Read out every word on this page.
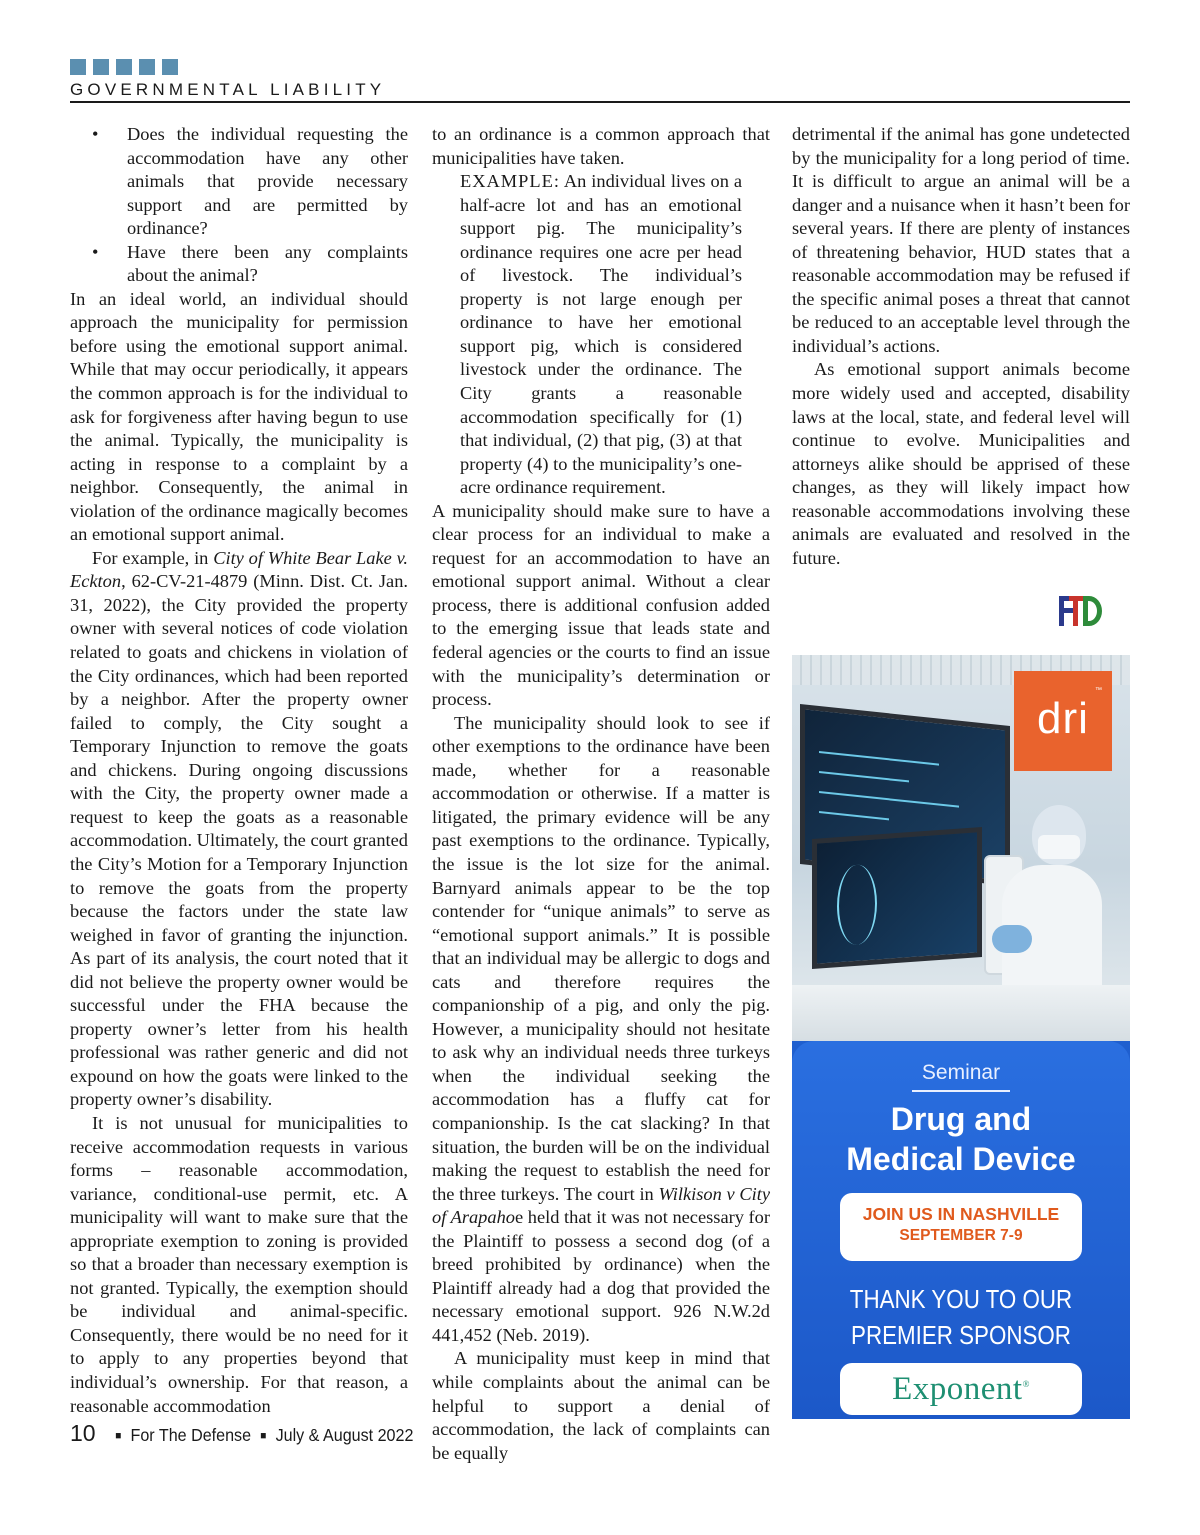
GOVERNMENTAL LIABILITY
• Does the individual requesting the accommodation have any other animals that provide necessary support and are permitted by ordinance?
• Have there been any complaints about the animal?

In an ideal world, an individual should approach the municipality for permission before using the emotional support animal. While that may occur periodically, it appears the common approach is for the individual to ask for forgiveness after having begun to use the animal. Typically, the municipality is acting in response to a complaint by a neighbor. Consequently, the animal in violation of the ordinance magically becomes an emotional support animal.

For example, in City of White Bear Lake v. Eckton, 62-CV-21-4879 (Minn. Dist. Ct. Jan. 31, 2022), the City provided the property owner with several notices of code violation related to goats and chickens in violation of the City ordinances, which had been reported by a neighbor. After the property owner failed to comply, the City sought a Temporary Injunction to remove the goats and chickens. During ongoing discussions with the City, the property owner made a request to keep the goats as a reasonable accommodation. Ultimately, the court granted the City’s Motion for a Temporary Injunction to remove the goats from the property because the factors under the state law weighed in favor of granting the injunction. As part of its analysis, the court noted that it did not believe the property owner would be successful under the FHA because the property owner’s letter from his health professional was rather generic and did not expound on how the goats were linked to the property owner’s disability.

It is not unusual for municipalities to receive accommodation requests in various forms – reasonable accommodation, variance, conditional-use permit, etc. A municipality will want to make sure that the appropriate exemption to zoning is provided so that a broader than necessary exemption is not granted. Typically, the exemption should be individual and animal-specific. Consequently, there would be no need for it to apply to any properties beyond that individual’s ownership. For that reason, a reasonable accommodation

to an ordinance is a common approach that municipalities have taken.

EXAMPLE: An individual lives on a half-acre lot and has an emotional support pig. The municipality’s ordinance requires one acre per head of livestock. The individual’s property is not large enough per ordinance to have her emotional support pig, which is considered livestock under the ordinance. The City grants a reasonable accommodation specifically for (1) that individual, (2) that pig, (3) at that property (4) to the municipality’s one-acre ordinance requirement.

A municipality should make sure to have a clear process for an individual to make a request for an accommodation to have an emotional support animal. Without a clear process, there is additional confusion added to the emerging issue that leads state and federal agencies or the courts to find an issue with the municipality’s determination or process.

The municipality should look to see if other exemptions to the ordinance have been made, whether for a reasonable accommodation or otherwise. If a matter is litigated, the primary evidence will be any past exemptions to the ordinance. Typically, the issue is the lot size for the animal. Barnyard animals appear to be the top contender for “unique animals” to serve as “emotional support animals.” It is possible that an individual may be allergic to dogs and cats and therefore requires the companionship of a pig, and only the pig. However, a municipality should not hesitate to ask why an individual needs three turkeys when the individual seeking the accommodation has a fluffy cat for companionship. Is the cat slacking? In that situation, the burden will be on the individual making the request to establish the need for the three turkeys. The court in Wilkison v City of Arapahoe held that it was not necessary for the Plaintiff to possess a second dog (of a breed prohibited by ordinance) when the Plaintiff already had a dog that provided the necessary emotional support. 926 N.W.2d 441,452 (Neb. 2019).

A municipality must keep in mind that while complaints about the animal can be helpful to support a denial of accommodation, the lack of complaints can be equally

detrimental if the animal has gone undetected by the municipality for a long period of time. It is difficult to argue an animal will be a danger and a nuisance when it hasn’t been for several years. If there are plenty of instances of threatening behavior, HUD states that a reasonable accommodation may be refused if the specific animal poses a threat that cannot be reduced to an acceptable level through the individual’s actions.

As emotional support animals become more widely used and accepted, disability laws at the local, state, and federal level will continue to evolve. Municipalities and attorneys alike should be apprised of these changes, as they will likely impact how reasonable accommodations involving these animals are evaluated and resolved in the future.

dri
™
Seminar
Drug and
Medical Device
JOIN US IN NASHVILLE
SEPTEMBER 7-9
THANK YOU TO OUR
PREMIER SPONSOR
Exponent®
10	■ For The Defense ■ July & August 2022
